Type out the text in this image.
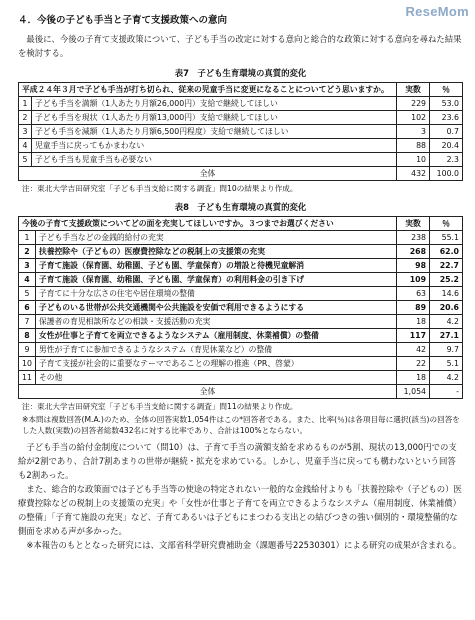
ReseMom
４．今後の子ども手当と子育て支援政策への意向

最後に、今後の子育て支援政策について、子ども手当の改定に対する意向と総合的な政策に対する意向を尋ねた結果を検討する。

表7　子ども生育環境の真質的変化
平成２４年３月で子ども手当が打ち切られ、従来の児童手当に変更になることについてどう思いますか。		実数	％
1	子ども手当を満額（1人あたり月額26,000円）支給で継続してほしい	229	53.0
2	子ども手当を現状（1人あたり月額13,000円）支給で継続してほしい	102	23.6
3	子ども手当を減額（1人あたり月額6,500円程度）支給で継続してほしい	3	0.7
4	児童手当に戻ってもかまわない	88	20.4
5	子ども手当も児童手当も必要ない	10	2.3
全体		432	100.0
注：東北大学吉田研究室「子ども手当支給に関する調査」問10の結果より作成。
表8　子ども生育環境の真質的変化
今後の子育て支援政策についてどの面を充実してほしいですか。３つまでお選びください		実数	％
1	子ども手当などの金銭的給付の充実	238	55.1
2	扶養控除や（子どもの）医療費控除などの税制上の支援策の充実	268	62.0
3	子育て施設（保育園、幼稚園、子ども園、学童保育）の増設と待機児童解消	98	22.7
4	子育て施設（保育園、幼稚園、子ども園、学童保育）の利用料金の引き下げ	109	25.2
5	子育てに十分な広さの住宅や居住環境の整備	63	14.6
6	子どものいる世帯が公共交通機関や公共施設を安価で利用できるようにする	89	20.6
7	保護者の育児相談所などの相談・支援活動の充実	18	4.2
8	女性が仕事と子育てを両立できるようなシステム（雇用制度、休業補償）の整備	117	27.1
9	男性が子育てに参加できるようなシステム（育児休業など）の整備	42	9.7
10	子育て支援が社会的に重要なテーマであることの理解の推進（PR、啓蒙）	22	5.1
11	その他	18	4.2
全体		1,054	-
注：東北大学吉田研究室「子ども手当支給に関する調査」問11の結果より作成。
※本問は複数回答(M.A.)のため、全体の回答実数1,054件はこの*回答者である。また、比率(％)は各項目毎に選択(該当)の回答をした人数(実数)の回答者総数432名に対する比率であり、合計は100%とならない。

子ども手当の給付金制度について（問10）は、子育て手当の満額支給を求めるものが5割、現状の13,000円での支給が2割であり、合計7割あまりの世帯が継続・拡充を求めている。しかし、児童手当に戻っても構わないという回答も2割あった。

また、総合的な政策面では子ども手当等の使途の特定されない一般的な金銭給付よりも「扶養控除や（子どもの）医療費控除などの税制上の支援策の充実」や「女性が仕事と子育てを両立できるようなシステム（雇用制度、休業補償）の整備」「子育て施設の充実」など、子育てあるいは子どもにまつわる支出との結びつきの強い個別的・環境整備的な側面を求める声が多かった。

※本報告のもととなった研究には、文部省科学研究費補助金（課題番号22530301）による研究の成果が含まれる。
